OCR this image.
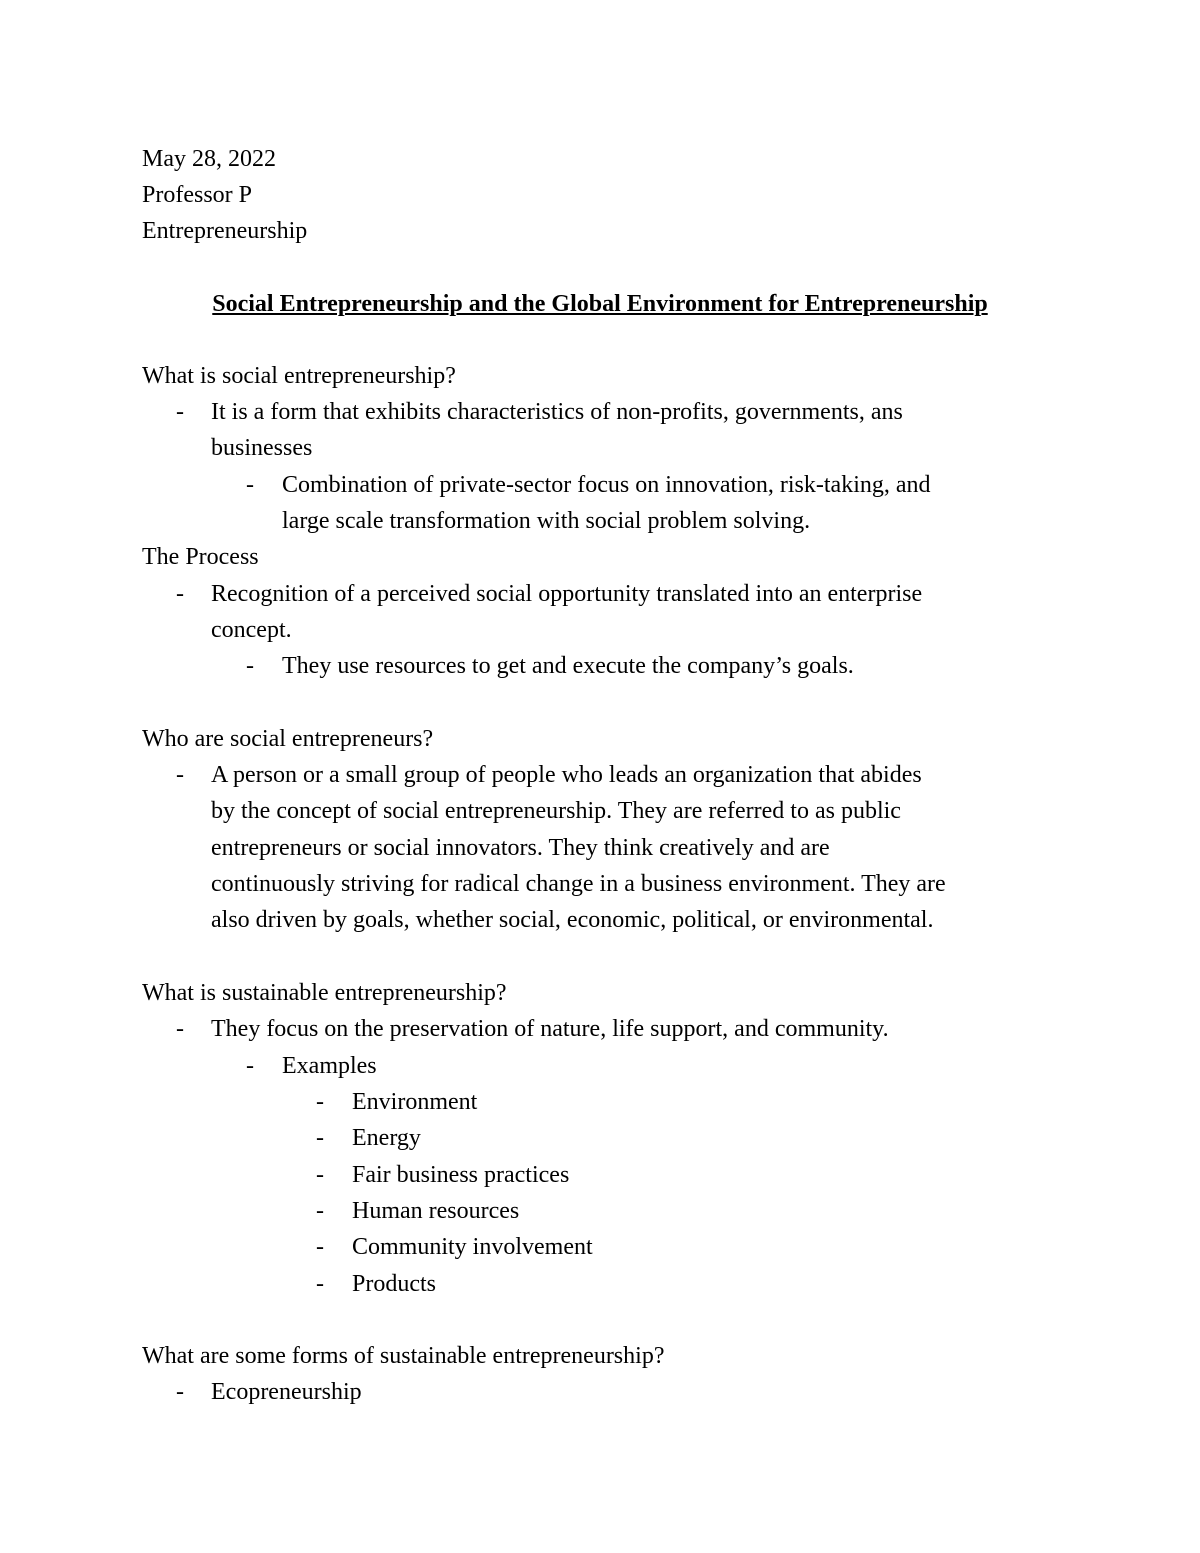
May 28, 2022
Professor P
Entrepreneurship
Social Entrepreneurship and the Global Environment for Entrepreneurship
What is social entrepreneurship?
- It is a form that exhibits characteristics of non-profits, governments, ans
businesses
- Combination of private-sector focus on innovation, risk-taking, and
large scale transformation with social problem solving.
The Process
- Recognition of a perceived social opportunity translated into an enterprise
concept.
- They use resources to get and execute the company’s goals.
Who are social entrepreneurs?
- A person or a small group of people who leads an organization that abides
by the concept of social entrepreneurship. They are referred to as public
entrepreneurs or social innovators. They think creatively and are
continuously striving for radical change in a business environment. They are
also driven by goals, whether social, economic, political, or environmental.
What is sustainable entrepreneurship?
- They focus on the preservation of nature, life support, and community.
- Examples
- Environment
- Energy
- Fair business practices
- Human resources
- Community involvement
- Products
What are some forms of sustainable entrepreneurship?
- Ecopreneurship
